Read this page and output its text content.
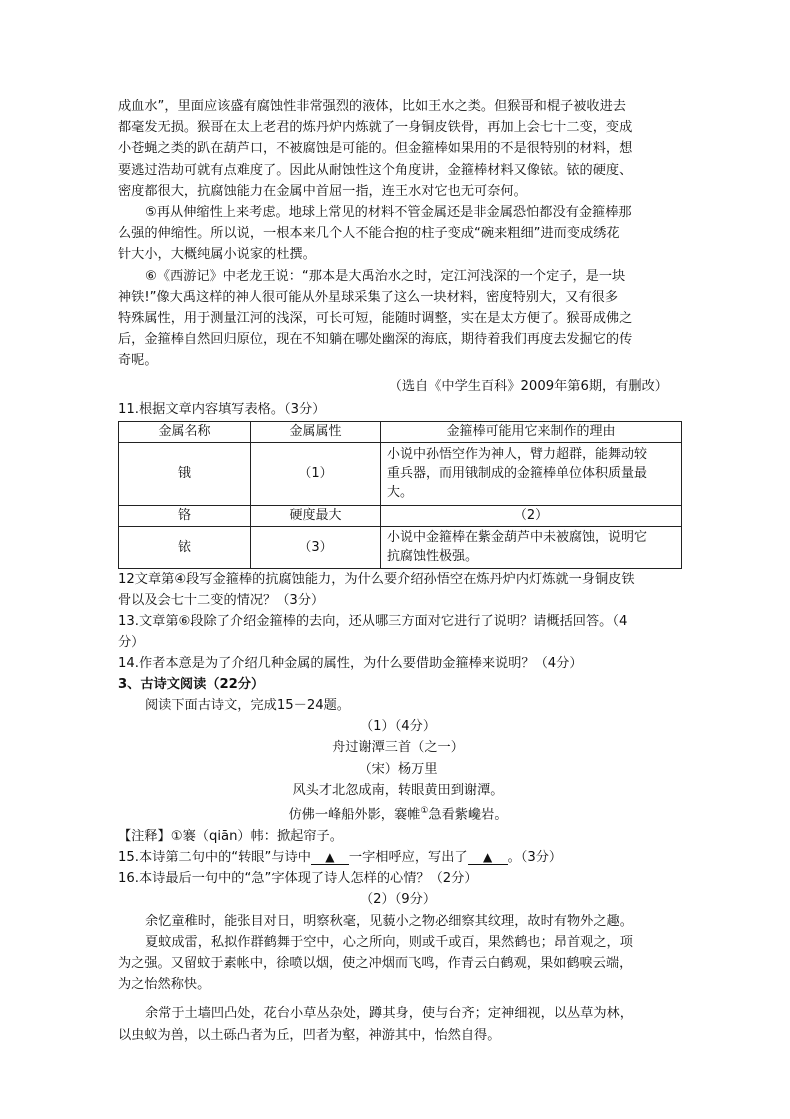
成血水”，里面应该盛有腐蚀性非常强烈的液体，比如王水之类。但猴哥和棍子被收进去

都毫发无损。猴哥在太上老君的炼丹炉内炼就了一身铜皮铁骨，再加上会七十二变，变成

小苍蝇之类的趴在葫芦口，不被腐蚀是可能的。但金箍棒如果用的不是很特别的材料，想

要逃过浩劫可就有点难度了。因此从耐蚀性这个角度讲，金箍棒材料又像铱。铱的硬度、

密度都很大，抗腐蚀能力在金属中首屈一指，连王水对它也无可奈何。

⑤再从伸缩性上来考虑。地球上常见的材料不管金属还是非金属恐怕都没有金箍棒那

么强的伸缩性。所以说，一根本来几个人不能合抱的柱子变成“碗来粗细”进而变成绣花

针大小，大概纯属小说家的杜撰。

⑥《西游记》中老龙王说：“那本是大禹治水之时，定江河浅深的一个定子，是一块

神铁!”像大禹这样的神人很可能从外星球采集了这么一块材料，密度特别大，又有很多

特殊属性，用于测量江河的浅深，可长可短，能随时调整，实在是太方便了。猴哥成佛之

后，金箍棒自然回归原位，现在不知躺在哪处幽深的海底，期待着我们再度去发掘它的传

奇呢。

（选自《中学生百科》2009年第6期，有删改）

11.根据文章内容填写表格。（3分）

金属名称	金属属性	金箍棒可能用它来制作的理由
锇	（1）	小说中孙悟空作为神人，臂力超群，能舞动较
重兵器，而用锇制成的金箍棒单位体积质量最
大。

铬	硬度最大	（2）

铱	（3）	小说中金箍棒在紫金葫芦中未被腐蚀，说明它
抗腐蚀性极强。

12文章第④段写金箍棒的抗腐蚀能力，为什么要介绍孙悟空在炼丹炉内灯炼就一身铜皮铁

骨以及会七十二变的情况？（3分）

13.文章第⑥段除了介绍金箍棒的去向，还从哪三方面对它进行了说明？请概括回答。（4

分）

14.作者本意是为了介绍几种金属的属性，为什么要借助金箍棒来说明？（4分）

3、古诗文阅读（22分）

阅读下面古诗文，完成15－24题。

（1）（4分）

舟过谢潭三首（之一）

（宋）杨万里

风头才北忽成南，转眼黄田到谢潭。

仿佛一峰船外影，褰帷①急看紫巉岩。

【注释】①褰（qiān）帏：掀起帘子。

15.本诗第二句中的“转眼”与诗中 ▲ 一字相呼应，写出了 ▲ 。（3分）

16.本诗最后一句中的“急”字体现了诗人怎样的心情？（2分）

（2）（9分）

余忆童稚时，能张目对日，明察秋毫，见藐小之物必细察其纹理，故时有物外之趣。

夏蚊成雷，私拟作群鹤舞于空中，心之所向，则或千或百，果然鹤也；昂首观之，项

为之强。又留蚊于素帐中，徐喷以烟，使之冲烟而飞鸣，作青云白鹤观，果如鹤唳云端，

为之怡然称快。

余常于土墙凹凸处，花台小草丛杂处，蹲其身，使与台齐；定神细视，以丛草为林，

以虫蚁为兽，以土砾凸者为丘，凹者为壑，神游其中，怡然自得。
